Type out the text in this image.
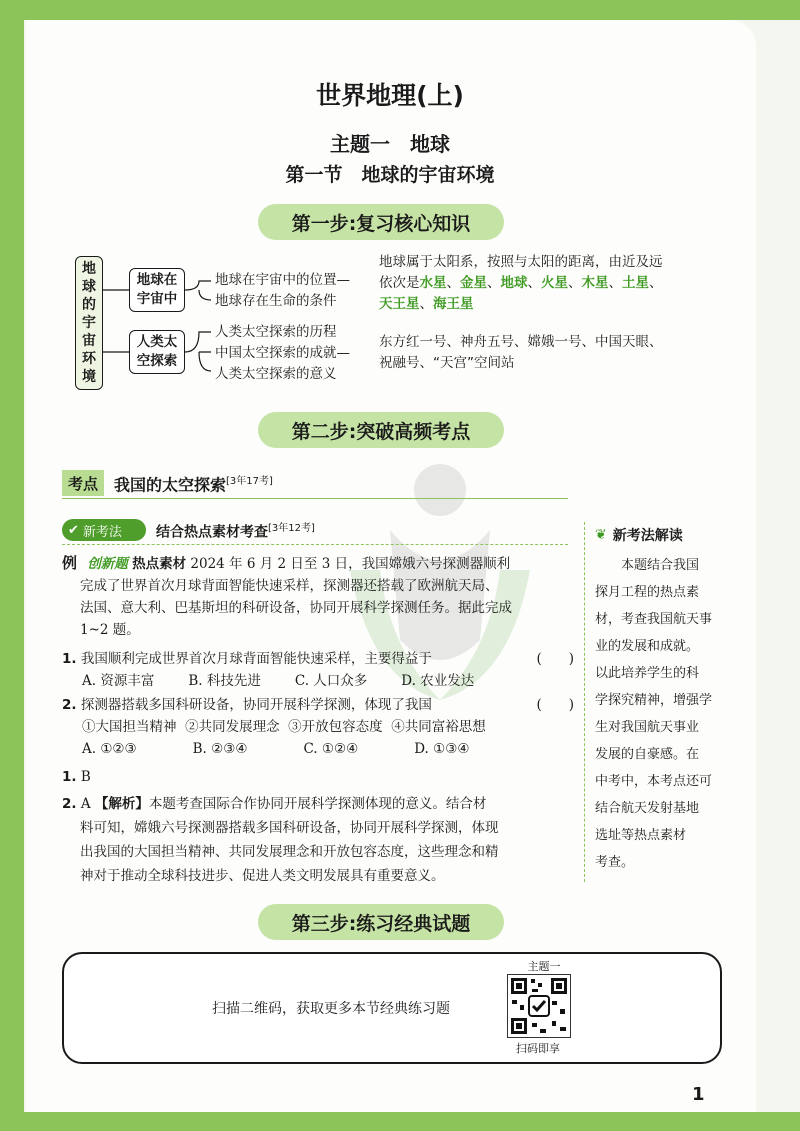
世界地理(上)
主题一　地球
第一节　地球的宇宙环境
第一步:复习核心知识
地
球
的
宇
宙
环
境
地球在
宇宙中
人类太
空探索
地球在宇宙中的位置—
地球存在生命的条件
人类太空探索的历程
中国太空探索的成就—
人类太空探索的意义
地球属于太阳系，按照与太阳的距离，由近及远
依次是水星、金星、地球、火星、木星、土星、
天王星、海王星
东方红一号、神舟五号、嫦娥一号、中国天眼、
祝融号、“天宫”空间站
第二步:突破高频考点
考点	我国的太空探索[3年17考]
✔ 新考法 结合热点素材考查[3年12考]
例 创新题 热点素材 2024 年 6 月 2 日至 3 日，我国嫦娥六号探测器顺利
完成了世界首次月球背面智能快速采样，探测器还搭载了欧洲航天局、
法国、意大利、巴基斯坦的科研设备，协同开展科学探测任务。据此完成
1~2 题。
1. 我国顺利完成世界首次月球背面智能快速采样，主要得益于	(　　)
A. 资源丰富	B. 科技先进	C. 人口众多	D. 农业发达
2. 探测器搭载多国科研设备，协同开展科学探测，体现了我国	(　　)
①大国担当精神  ②共同发展理念  ③开放包容态度  ④共同富裕思想
A. ①②③	B. ②③④	C. ①②④	D. ①③④
1. B
2. A 【解析】本题考查国际合作协同开展科学探测体现的意义。结合材
料可知，嫦娥六号探测器搭载多国科研设备，协同开展科学探测，体现
出我国的大国担当精神、共同发展理念和开放包容态度，这些理念和精
神对于推动全球科技进步、促进人类文明发展具有重要意义。
❦ 新考法解读
本题结合我国
探月工程的热点素
材，考查我国航天事
业的发展和成就。
以此培养学生的科
学探究精神，增强学
生对我国航天事业
发展的自豪感。在
中考中，本考点还可
结合航天发射基地
选址等热点素材
考查。
第三步:练习经典试题
扫描二维码，获取更多本节经典练习题
主题一
扫码即享
1
